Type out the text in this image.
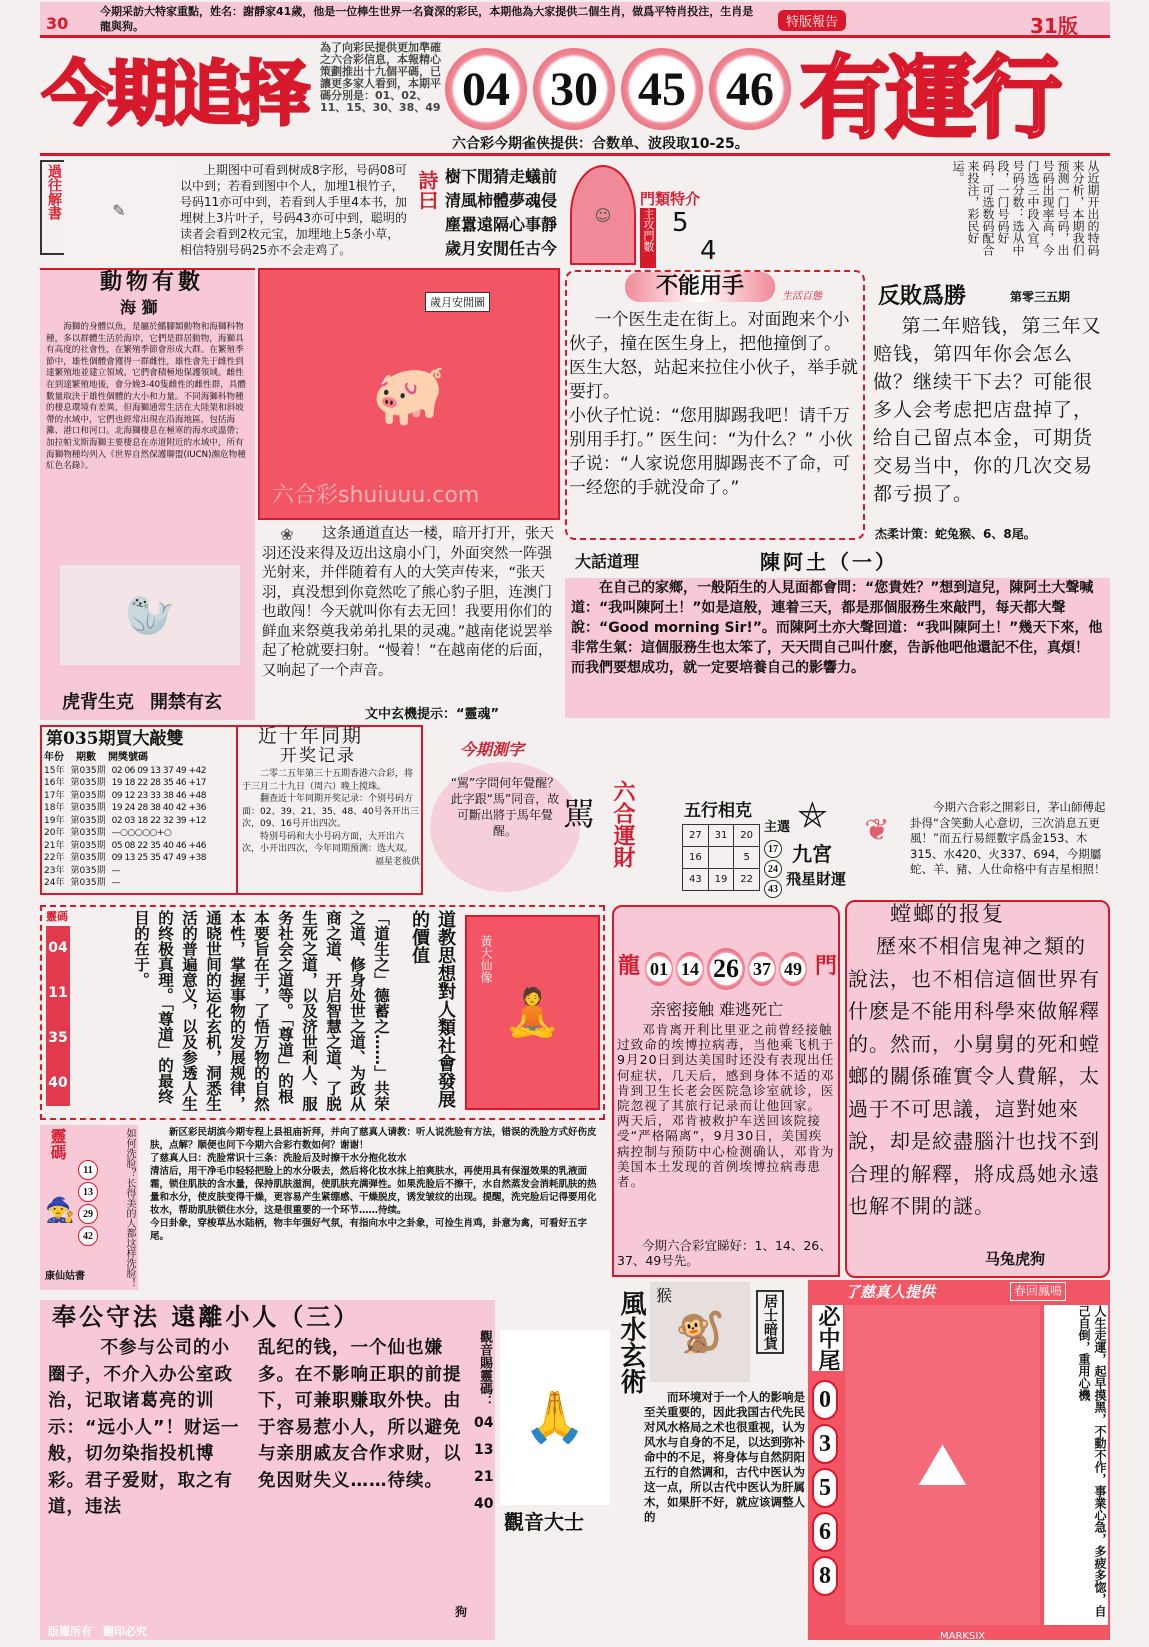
30
今期采訪大特家重點，姓名：謝靜家41歲，他是一位棒生世界一名資深的彩民，本期他為大家提供二個生肖，做爲平特肖投注，生肖是龍與狗。	特版報告	31版
今期追择
為了向彩民提供更加準確之六合彩信息，本報精心策劃推出十九個平碼，已讓更多家人看到，本期平碼分別是：01、02、11、15、30、38、49 04 30 45 46
六合彩今期雀侠提供：合数单、波段取10-25。 有運行
過往解書	✎
上期图中可看到树成8字形，号码08可以中到；若看到图中个人，加埋1根竹子，号码11亦可中到，若看到人手里4本书，加埋树上3片叶子，号码43亦可中到，聪明的读者会看到2枚元宝，加埋地上5条小草，相信特别号码25亦不会走鸡了。
詩曰 樹下閒猜走蟻前
清風柿體夢魂侵
塵囂遠隔心事靜
歲月安閒任古今
☺
門類特介
主攻門數 5
4	从近期开出的特码来分析，本期我们预测一门号码，出号码出现率高，今门选三中段入宜，号码分数：选从中段，一门号码好码，可选数码配合来投注，彩民好运。
動物有數
海 獅
海獅的身體以魚，是屬於鰭腳類動物和海獅科物種，多以群體生活於海岸，它們是群居動物，海獅具有高度的社會性，在繁殖季節會形成大群。在繁殖季節中，雄性個體會獲得一群雌性，雄性會先于雌性到達繁殖地並建立領域。它們會積極地保護領域。雌性在到達繁殖地後，會分娩3-40隻雌性的雌性群，具體數量取決于雄性個體的大小和力量。不同海獅科物種的棲息環境有差異，但海獅通常生活在大陸架和斜坡帶的水域中，它們也經常出現在沿海地區，包括海灘、港口和河口。北海獅棲息在極寒的海水或溫帶；加拉帕戈斯海獅主要棲息在赤道附近的水域中，所有海獅物種均列入《世界自然保護聯盟(IUCN)瀕危物種紅色名錄》。
🦭
虎背生克 開禁有玄
🐖
歲月安閒圖
六合彩shuiuuu.com
❀	这条通道直达一楼，暗开打开，张天羽还没来得及迈出这扇小门，外面突然一阵强光射来，并伴随着有人的大笑声传来，“张天羽，真没想到你竟然吃了熊心豹子胆，连澳门也敢闯！今天就叫你有去无回！我要用你们的鲜血来祭奠我弟弟扎果的灵魂。”越南佬说罢举起了枪就要扫射。“慢着！”在越南佬的后面，又响起了一个声音。
文中玄機提示：“靈魂”
不能用手	生活百態
一个医生走在街上。对面跑来个小伙子，撞在医生身上，把他撞倒了。
医生大怒，站起来拉住小伙子，举手就要打。
小伙子忙说：“您用脚踢我吧！请千万别用手打。” 医生问：“为什么？” 小伙子说：“人家说您用脚踢丧不了命，可一经您的手就没命了。”
反敗爲勝	第零三五期
第二年赔钱，第三年又赔钱，第四年你会怎么做？继续干下去？可能很多人会考虑把店盘掉了，给自己留点本金，可期货交易当中，你的几次交易都亏损了。
杰柔计策：蛇兔猴、6、8尾。
大話道理	陳阿土（一）
在自己的家鄉，一般陌生的人見面都會問：“您貴姓？”想到這兒，陳阿土大聲喊道：“我叫陳阿土！”如是這般，連着三天，都是那個服務生來敲門，每天都大聲說：“Good morning Sir!”。而陳阿土亦大聲回道：“我叫陳阿土！”幾天下來，他非常生氣：這個服務生也太笨了，天天問自己叫什麽，告訴他吧他還記不住，真煩！
而我們要想成功，就一定要培養自己的影響力。
第035期買大敲雙
年份 期數 開獎號碼
15年 第035期 02 06 09 13 37 49 +42
16年 第035期 19 18 22 28 35 46 +17
17年 第035期 09 12 23 33 38 46 +48
18年 第035期 19 24 28 38 40 42 +36
19年 第035期 02 03 18 22 32 39 +12
20年 第035期 —○○○○○+○
21年 第035期 05 08 22 35 40 46 +46
22年 第035期 09 13 25 35 47 49 +38
23年 第035期 —
24年 第035期 —
近十年同期
开奖记录

二零二五年第三十五期香港六合彩，将于三月二十九日（周六）晚上搅珠。

翻查近十年同期开奖记录：个别号码方面：02、39、21、35、48、40号各开出三次，09、16号开出四次。

特别号码和大小号码方面，大开出六次，小开出四次，今年同期预测：选大双。

福星老彼供

今期測字
“駡”字問何年覺醒？此字跟“馬”同音，故可斷出將于馬年覺醒。	駡 六合運財	五行相克
27	31	20
16		5
43	19	22
主選
17
24
43
⛤
九宮
飛星財運
❦
今期六合彩之開彩日，茅山師傅起卦得“含笑動人心意切，三次消息五更風！”而五行易經數字爲金153、木315、水420、火337、694，今期屬蛇、羊、豬、人仕命格中有吉星相照！
靈碼
04
11
35
40	「道生之」德蓄之……」共荣之道、修身处世之道、为政从商之道、开启智慧之道、了脱生死之道，以及济世利人、服务社会之道等。「尊道」的根本要旨在于，了悟万物的自然本性，掌握事物的发展规律，通晓世间的运化玄机，洞悉生活的普遍意义，以及参透人生的终极真理。「尊道」的最终目的在于。	道教思想對人類社會發展的價值
🧘
黃大仙像	龍 01 14 26 37 49 門
亲密接触 难逃死亡
邓肯离开利比里亚之前曾经接触过致命的埃博拉病毒，当他乘飞机于9月20日到达美国时还没有表现出任何症状，几天后，感到身体不适的邓肯到卫生长老会医院急诊室就诊，医院忽视了其旅行记录而让他回家。
两天后，邓肯被救护车送回该院接受“严格隔离”，9月30日，美国疾病控制与预防中心检测确认，邓肯为美国本土发现的首例埃博拉病毒患者。
今期六合彩宜睇好：1、14、26、37、49号先。
螳螂的报复
歷來不相信鬼神之類的說法，也不相信這個世界有什麽是不能用科學來做解釋的。然而，小舅舅的死和螳螂的關係確實令人費解，太過于不可思議，這對她來說，却是絞盡腦汁也找不到合理的解釋，將成爲她永遠也解不開的謎。
马兔虎狗
靈碼
🧙
11
13
29
42
康仙姑書	如何洗脸？长得美的人都这样洗脸！	新区彩民胡滨今期专程上县祖庙祈拜，并向了慈真人请教：听人说洗脸有方法，错误的洗脸方式好伤皮肤，点解？顺便也问下今期六合彩冇数如何？谢谢！
了慈真人曰：洗脸常识十三条：洗脸后及时擦干水分抱化妆水
清洁后，用干净毛巾轻轻把脸上的水分吸去，然后将化妆水抹上拍爽肤水，再使用具有保湿效果的乳液面霜，锁住肌肤的含水量，保持肌肤滋润，使肌肤充满弹性。如果洗脸后不擦干，水自然蒸发会消耗肌肤的热量和水分，使皮肤变得干燥，更容易产生紧绷感、干燥脱皮，诱发皱纹的出现。提醒，洗完脸后记得要用化妆水，帮助肌肤锁住水分，这是很重要的一个环节……待续。
今日卦象，穿梭草丛水陆柄，物丰年强好气氛，有指向水中之卦象，可捡生肖鸡，卦意为禽，可看好五字尾。
奉公守法 遠離小人（三）
不参与公司的小圈子，不介入办公室政治，记取诸葛亮的训示：“远小人”！财运一般，切勿染指投机博彩。君子爱财，取之有道，违法
乱纪的钱，一个仙也嫌多。在不影响正职的前提下，可兼职赚取外快。由于容易惹小人，所以避免与亲朋戚友合作求财，以免因财失义……待续。
狗
版權所有　翻印必究
觀音賜靈碼：
04
13
21
40
🙏
觀音大士
風水玄術 🐒
猴	居士暗貨
而环境对于一个人的影响是至关重要的，因此我国古代先民对风水格局之术也很重视，认为风水与自身的不足，以达到弥补命中的不足，将身体与自然阴阳五行的自然调和，古代中医认为这一点，所以古代中医认为肝属木，如果肝不好，就应该调整人的
了慈真人提供	春回鳳鳴
必中尾
0
3
5
6
8
⛰	人生走運，起早摸黑，不動不作，事業心急，多疲多惚，自己自倒，重用心機
MARKSIX
